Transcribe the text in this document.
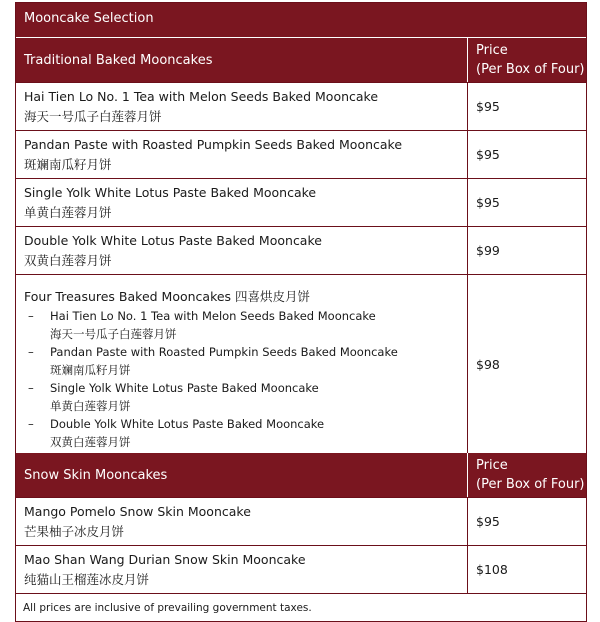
Mooncake Selection
Traditional Baked Mooncakes
Price
(Per Box of Four)
Hai Tien Lo No. 1 Tea with Melon Seeds Baked Mooncake
海天一号瓜子白莲蓉月饼
$95
Pandan Paste with Roasted Pumpkin Seeds Baked Mooncake
斑斓南瓜籽月饼
$95
Single Yolk White Lotus Paste Baked Mooncake
单黄白莲蓉月饼
$95
Double Yolk White Lotus Paste Baked Mooncake
双黄白莲蓉月饼
$99
Four Treasures Baked Mooncakes 四喜烘皮月饼
–	Hai Tien Lo No. 1 Tea with Melon Seeds Baked Mooncake
海天一号瓜子白莲蓉月饼
–	Pandan Paste with Roasted Pumpkin Seeds Baked Mooncake
斑斓南瓜籽月饼
–	Single Yolk White Lotus Paste Baked Mooncake
单黄白莲蓉月饼
–	Double Yolk White Lotus Paste Baked Mooncake
双黄白莲蓉月饼
$98
Snow Skin Mooncakes
Price
(Per Box of Four)
Mango Pomelo Snow Skin Mooncake
芒果柚子冰皮月饼
$95
Mao Shan Wang Durian Snow Skin Mooncake
纯猫山王榴莲冰皮月饼
$108
All prices are inclusive of prevailing government taxes.
